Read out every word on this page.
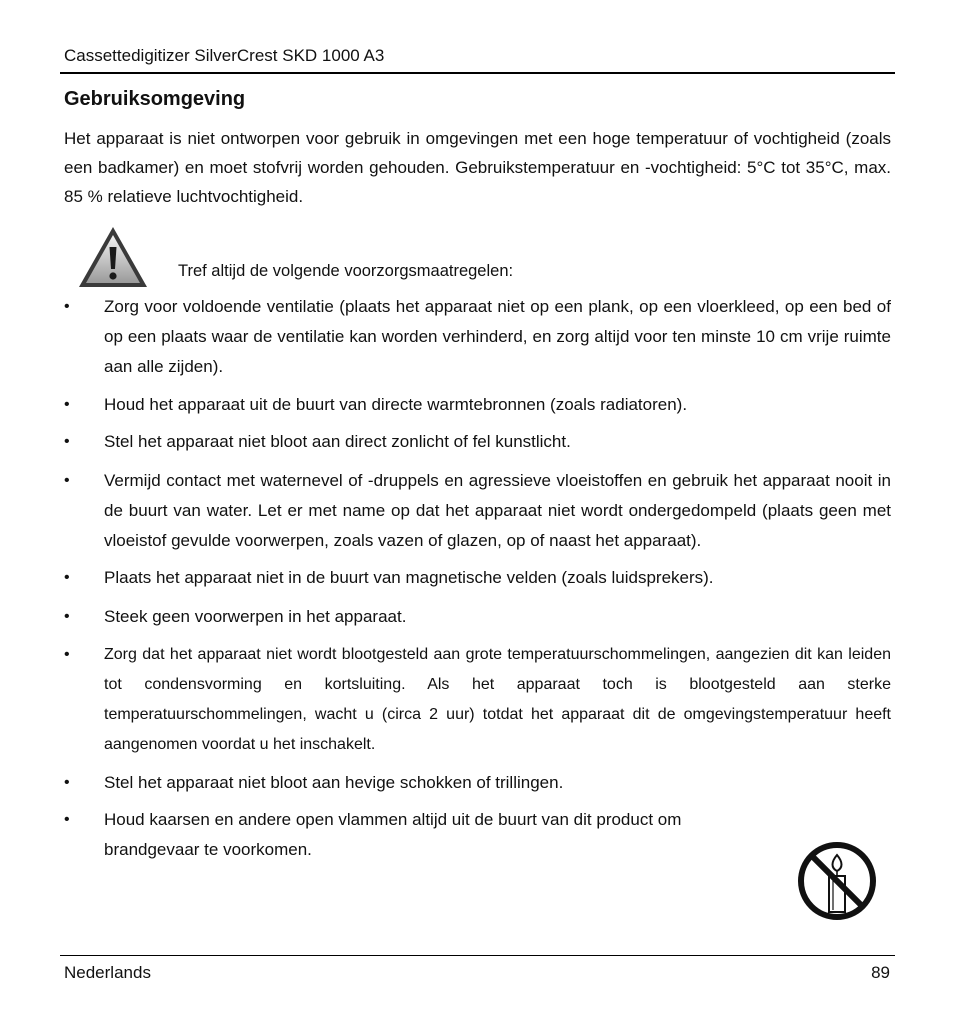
Cassettedigitizer SilverCrest SKD 1000 A3
Gebruiksomgeving
Het apparaat is niet ontworpen voor gebruik in omgevingen met een hoge temperatuur of vochtigheid (zoals een badkamer) en moet stofvrij worden gehouden. Gebruikstemperatuur en -vochtigheid: 5°C tot 35°C, max. 85 % relatieve luchtvochtigheid.
Tref altijd de volgende voorzorgsmaatregelen:
•	Zorg voor voldoende ventilatie (plaats het apparaat niet op een plank, op een vloerkleed, op een bed of op een plaats waar de ventilatie kan worden verhinderd, en zorg altijd voor ten minste 10 cm vrije ruimte aan alle zijden).
•	Houd het apparaat uit de buurt van directe warmtebronnen (zoals radiatoren).
•	Stel het apparaat niet bloot aan direct zonlicht of fel kunstlicht.
•	Vermijd contact met waternevel of -druppels en agressieve vloeistoffen en gebruik het apparaat nooit in de buurt van water. Let er met name op dat het apparaat niet wordt ondergedompeld (plaats geen met vloeistof gevulde voorwerpen, zoals vazen of glazen, op of naast het apparaat).
•	Plaats het apparaat niet in de buurt van magnetische velden (zoals luidsprekers).
•	Steek geen voorwerpen in het apparaat.
•	Zorg dat het apparaat niet wordt blootgesteld aan grote temperatuurschommelingen, aangezien dit kan leiden tot condensvorming en kortsluiting. Als het apparaat toch is blootgesteld aan sterke temperatuurschommelingen, wacht u (circa 2 uur) totdat het apparaat dit de omgevingstemperatuur heeft aangenomen voordat u het inschakelt.
•	Stel het apparaat niet bloot aan hevige schokken of trillingen.
•	Houd kaarsen en andere open vlammen altijd uit de buurt van dit product om brandgevaar te voorkomen.
Nederlands	89
